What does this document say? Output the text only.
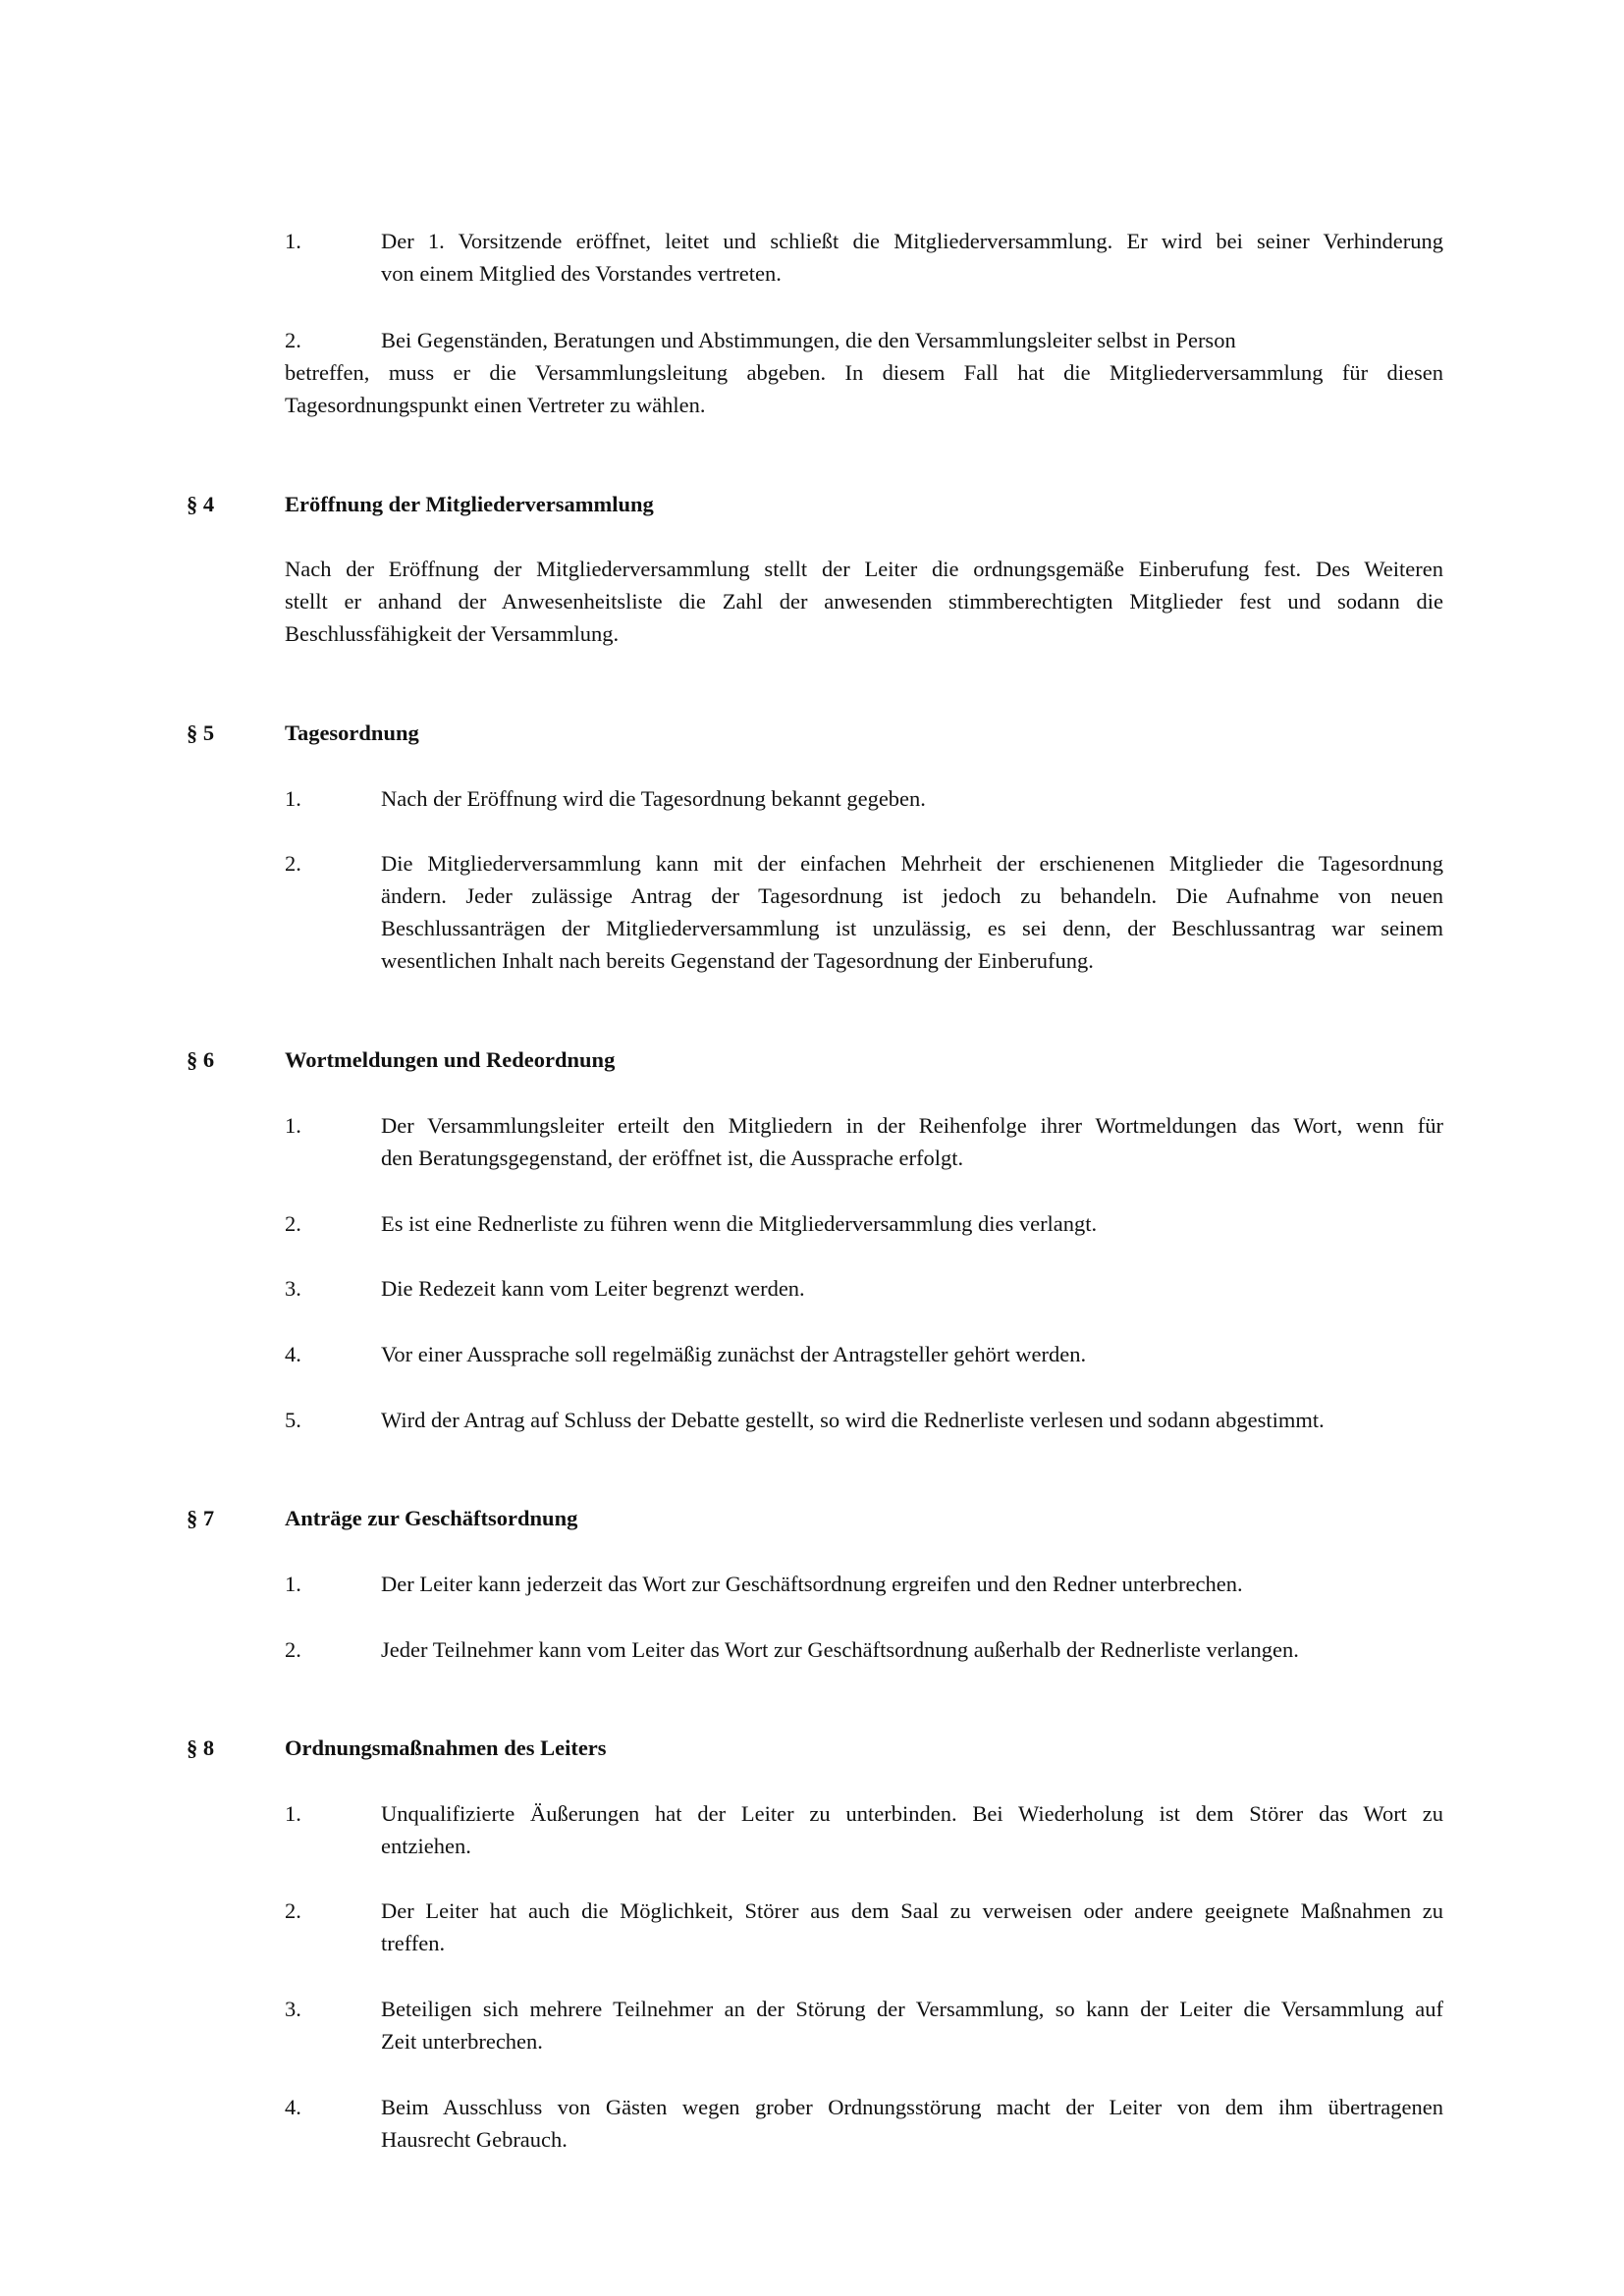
1.	Der 1. Vorsitzende eröffnet, leitet und schließt die Mitgliederversammlung. Er wird bei seiner Verhinderung
von einem Mitglied des Vorstandes vertreten.
2.	Bei Gegenständen, Beratungen und Abstimmungen, die den Versammlungsleiter selbst in Person
betreffen, muss er die Versammlungsleitung abgeben. In diesem Fall hat die Mitgliederversammlung für diesen
Tagesordnungspunkt einen Vertreter zu wählen.
§ 4	Eröffnung der Mitgliederversammlung
Nach der Eröffnung der Mitgliederversammlung stellt der Leiter die ordnungsgemäße Einberufung fest. Des Weiteren
stellt er anhand der Anwesenheitsliste die Zahl der anwesenden stimmberechtigten Mitglieder fest und sodann die
Beschlussfähigkeit der Versammlung.
§ 5	Tagesordnung
1.	Nach der Eröffnung wird die Tagesordnung bekannt gegeben.
2.	Die Mitgliederversammlung kann mit der einfachen Mehrheit der erschienenen Mitglieder die Tagesordnung
ändern. Jeder zulässige Antrag der Tagesordnung ist jedoch zu behandeln. Die Aufnahme von neuen
Beschlussanträgen der Mitgliederversammlung ist unzulässig, es sei denn, der Beschlussantrag war seinem
wesentlichen Inhalt nach bereits Gegenstand der Tagesordnung der Einberufung.
§ 6	Wortmeldungen und Redeordnung
1.	Der Versammlungsleiter erteilt den Mitgliedern in der Reihenfolge ihrer Wortmeldungen das Wort, wenn für
den Beratungsgegenstand, der eröffnet ist, die Aussprache erfolgt.
2.	Es ist eine Rednerliste zu führen wenn die Mitgliederversammlung dies verlangt.
3.	Die Redezeit kann vom Leiter begrenzt werden.
4.	Vor einer Aussprache soll regelmäßig zunächst der Antragsteller gehört werden.
5.	Wird der Antrag auf Schluss der Debatte gestellt, so wird die Rednerliste verlesen und sodann abgestimmt.
§ 7	Anträge zur Geschäftsordnung
1.	Der Leiter kann jederzeit das Wort zur Geschäftsordnung ergreifen und den Redner unterbrechen.
2.	Jeder Teilnehmer kann vom Leiter das Wort zur Geschäftsordnung außerhalb der Rednerliste verlangen.
§ 8	Ordnungsmaßnahmen des Leiters
1.	Unqualifizierte Äußerungen hat der Leiter zu unterbinden. Bei Wiederholung ist dem Störer das Wort zu
entziehen.
2.	Der Leiter hat auch die Möglichkeit, Störer aus dem Saal zu verweisen oder andere geeignete Maßnahmen zu
treffen.
3.	Beteiligen sich mehrere Teilnehmer an der Störung der Versammlung, so kann der Leiter die Versammlung auf
Zeit unterbrechen.
4.	Beim Ausschluss von Gästen wegen grober Ordnungsstörung macht der Leiter von dem ihm übertragenen
Hausrecht Gebrauch.
